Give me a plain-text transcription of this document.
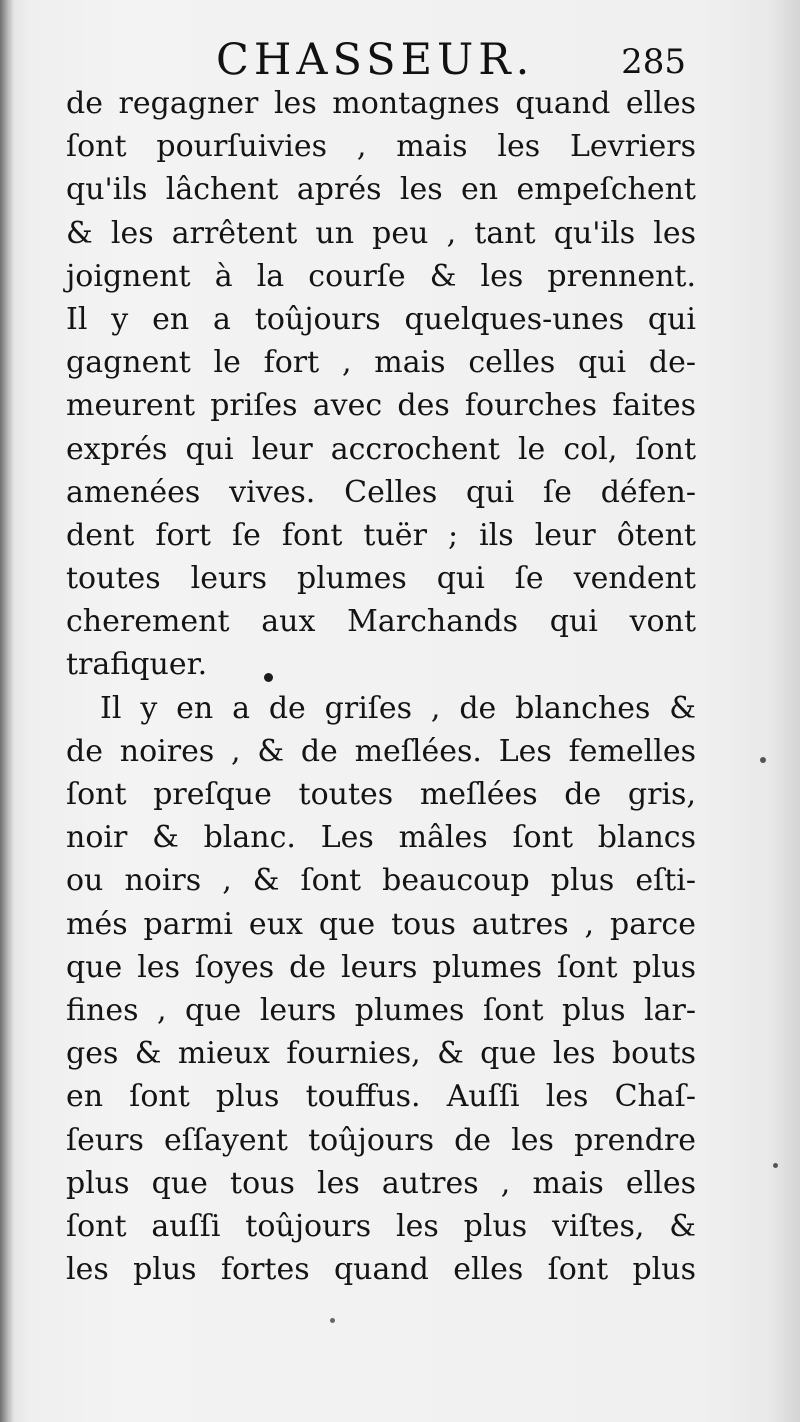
CHASSEUR.	285
de regagner les montagnes quand elles
ſont pourſuivies , mais les Levriers
qu'ils lâchent aprés les en empeſchent
& les arrêtent un peu , tant qu'ils les
joignent à la courſe & les prennent.
Il y en a toûjours quelques-unes qui
gagnent le fort , mais celles qui de-
meurent priſes avec des fourches faites
exprés qui leur accrochent le col, ſont
amenées vives. Celles qui ſe défen-
dent fort ſe font tuër ; ils leur ôtent
toutes leurs plumes qui ſe vendent
cherement aux Marchands qui vont
trafiquer.
Il y en a de griſes , de blanches &
de noires , & de meſlées. Les femelles
ſont preſque toutes meſlées de gris,
noir & blanc. Les mâles ſont blancs
ou noirs , & ſont beaucoup plus eſti-
més parmi eux que tous autres , parce
que les ſoyes de leurs plumes ſont plus
fines , que leurs plumes ſont plus lar-
ges & mieux fournies, & que les bouts
en ſont plus touffus. Auſſi les Chaſ-
ſeurs eſſayent toûjours de les prendre
plus que tous les autres , mais elles
ſont auſſi toûjours les plus viſtes, &
les plus fortes quand elles ſont plus
